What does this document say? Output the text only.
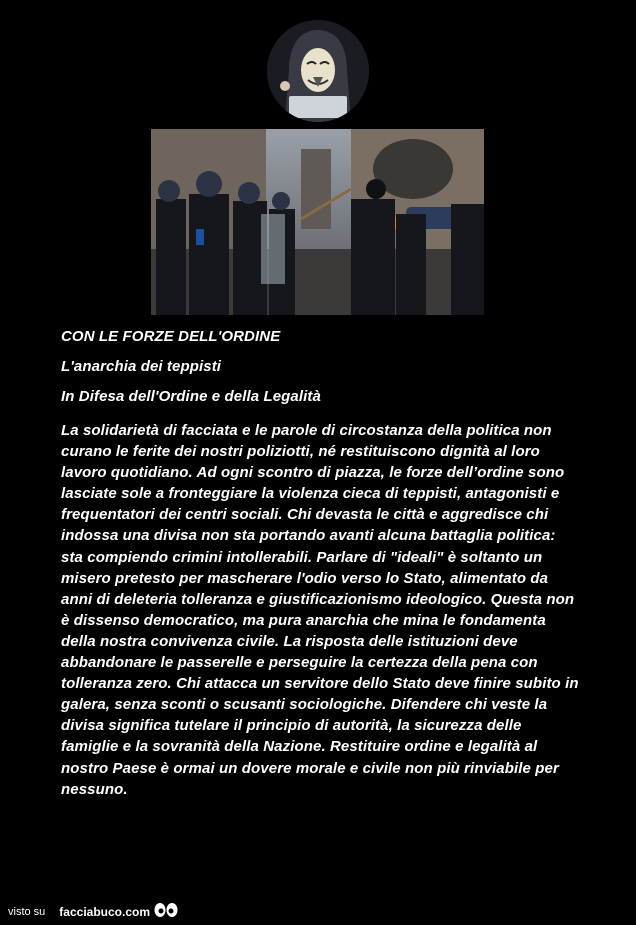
CON LE FORZE DELL'ORDINE

L'anarchia dei teppisti

In Difesa dell'Ordine e della Legalità

La solidarietà di facciata e le parole di circostanza della politica non curano le ferite dei nostri poliziotti, né restituiscono dignità al loro lavoro quotidiano. Ad ogni scontro di piazza, le forze dell’ordine sono lasciate sole a fronteggiare la violenza cieca di teppisti, antagonisti e frequentatori dei centri sociali. Chi devasta le città e aggredisce chi indossa una divisa non sta portando avanti alcuna battaglia politica: sta compiendo crimini intollerabili. Parlare di "ideali" è soltanto un misero pretesto per mascherare l'odio verso lo Stato, alimentato da anni di deleteria tolleranza e giustificazionismo ideologico. Questa non è dissenso democratico, ma pura anarchia che mina le fondamenta della nostra convivenza civile. La risposta delle istituzioni deve abbandonare le passerelle e perseguire la certezza della pena con tolleranza zero. Chi attacca un servitore dello Stato deve finire subito in galera, senza sconti o scusanti sociologiche. Difendere chi veste la divisa significa tutelare il principio di autorità, la sicurezza delle famiglie e la sovranità della Nazione. Restituire ordine e legalità al nostro Paese è ormai un dovere morale e civile non più rinviabile per nessuno.

visto su facciabuco.com
